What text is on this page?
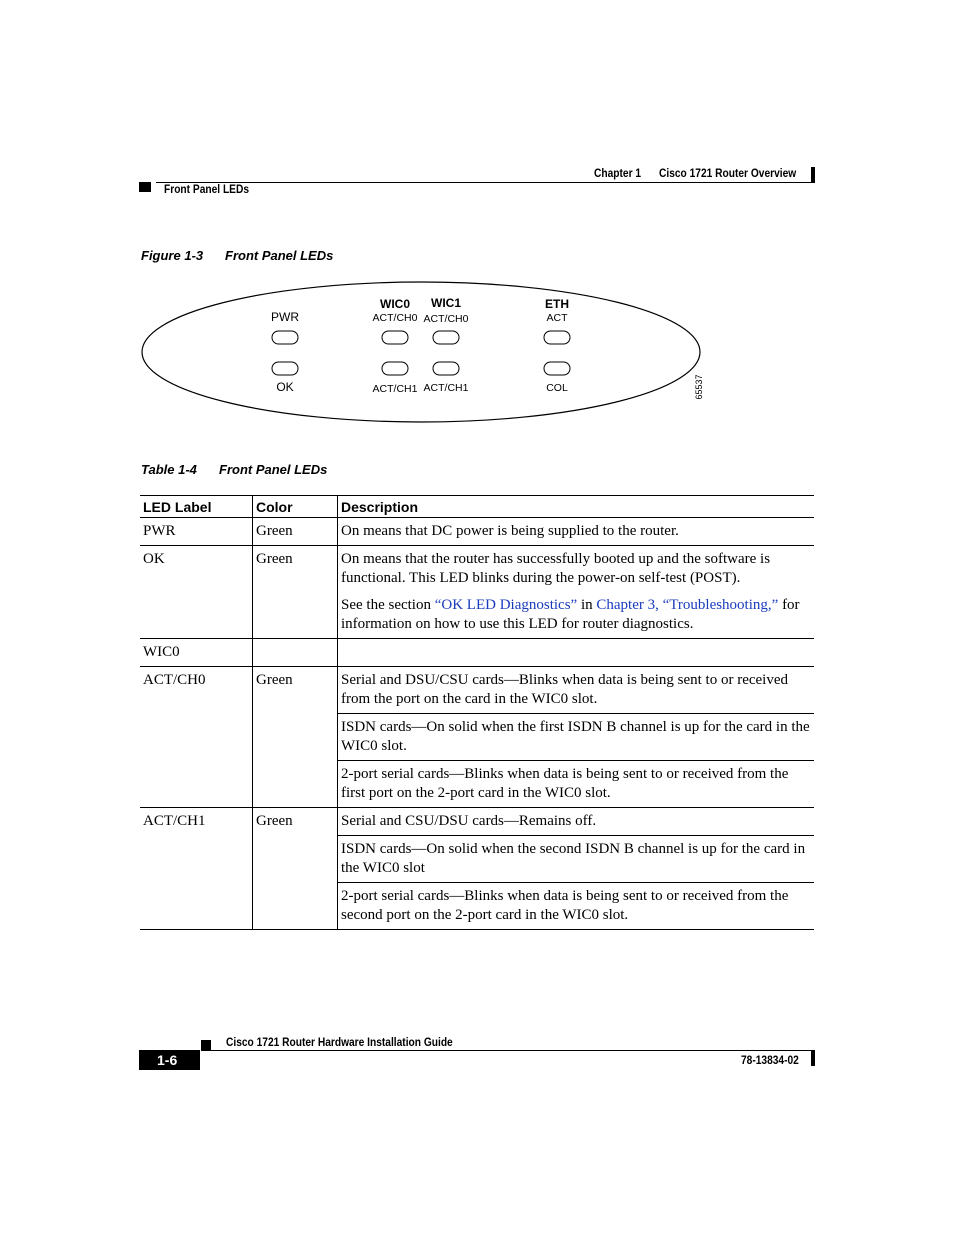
Chapter 1 Cisco 1721 Router Overview
Front Panel LEDs
Figure 1-3 Front Panel LEDs
PWR
OK
WIC0
ACT/CH0
ACT/CH1
WIC1
ACT/CH0
ACT/CH1
ETH
ACT
COL	65537
Table 1-4 Front Panel LEDs
LED Label	Color	Description
PWR	Green	On means that DC power is being supplied to the router.
OK	Green	On means that the router has successfully booted up and the software is functional. This LED blinks during the power-on self-test (POST).
See the section “OK LED Diagnostics” in Chapter 3, “Troubleshooting,” for information on how to use this LED for router diagnostics.

WIC0		
ACT/CH0	Green	Serial and DSU/CSU cards—Blinks when data is being sent to or received from the port on the card in the WIC0 slot.
		ISDN cards—On solid when the first ISDN B channel is up for the card in the WIC0 slot.
		2-port serial cards—Blinks when data is being sent to or received from the first port on the 2-port card in the WIC0 slot.
ACT/CH1	Green	Serial and CSU/DSU cards—Remains off.
		ISDN cards—On solid when the second ISDN B channel is up for the card in the WIC0 slot
		2-port serial cards—Blinks when data is being sent to or received from the second port on the 2-port card in the WIC0 slot.
Cisco 1721 Router Hardware Installation Guide
1-6	78-13834-02
